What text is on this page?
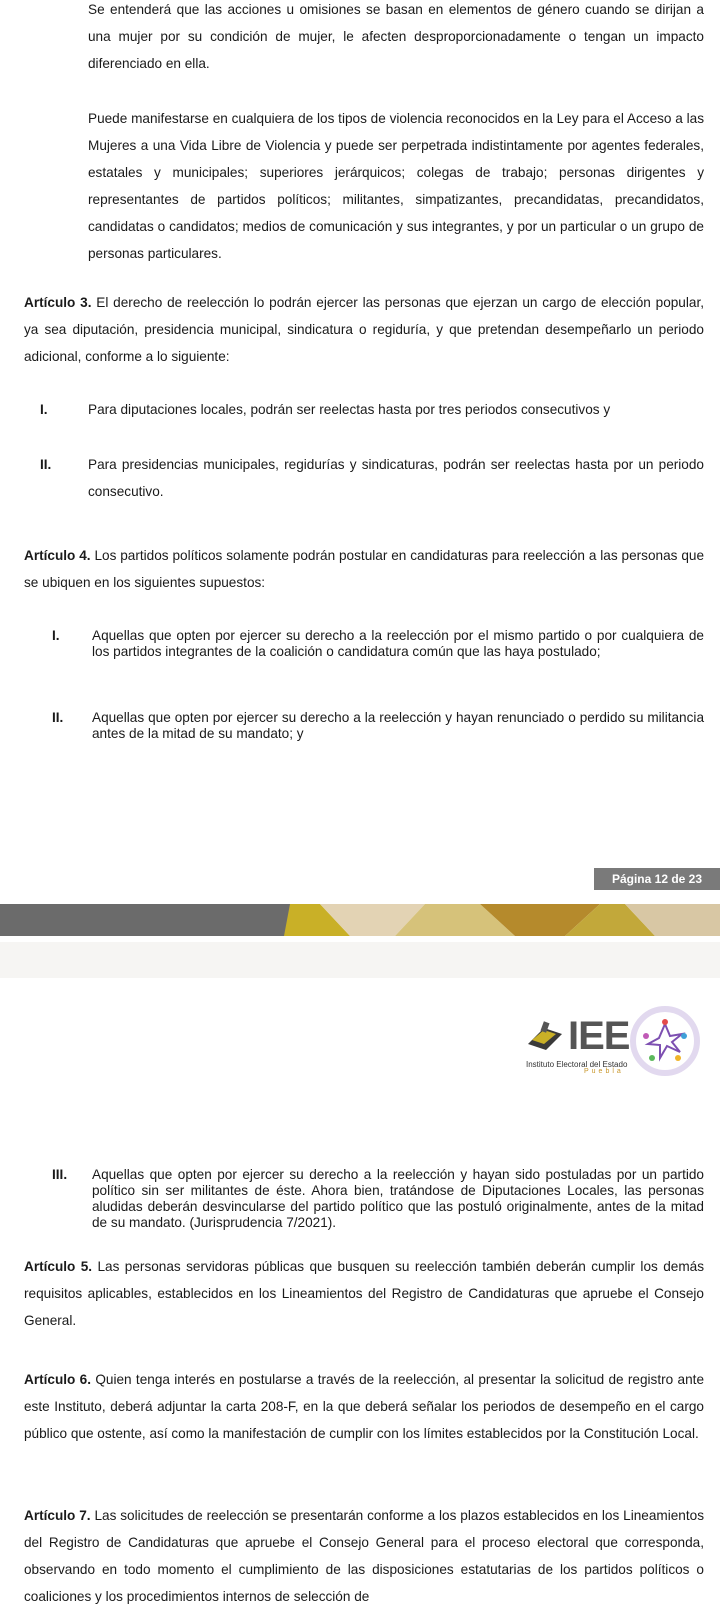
Se entenderá que las acciones u omisiones se basan en elementos de género cuando se dirijan a una mujer por su condición de mujer, le afecten desproporcionadamente o tengan un impacto diferenciado en ella.

Puede manifestarse en cualquiera de los tipos de violencia reconocidos en la Ley para el Acceso a las Mujeres a una Vida Libre de Violencia y puede ser perpetrada indistintamente por agentes federales, estatales y municipales; superiores jerárquicos; colegas de trabajo; personas dirigentes y representantes de partidos políticos; militantes, simpatizantes, precandidatas, precandidatos, candidatas o candidatos; medios de comunicación y sus integrantes, y por un particular o un grupo de personas particulares.

Artículo 3. El derecho de reelección lo podrán ejercer las personas que ejerzan un cargo de elección popular, ya sea diputación, presidencia municipal, sindicatura o regiduría, y que pretendan desempeñarlo un periodo adicional, conforme a lo siguiente:

I.	Para diputaciones locales, podrán ser reelectas hasta por tres periodos consecutivos y
II.	Para presidencias municipales, regidurías y sindicaturas, podrán ser reelectas hasta por un periodo consecutivo.

Artículo 4. Los partidos políticos solamente podrán postular en candidaturas para reelección a las personas que se ubiquen en los siguientes supuestos:

I.	Aquellas que opten por ejercer su derecho a la reelección por el mismo partido o por cualquiera de los partidos integrantes de la coalición o candidatura común que las haya postulado;
II.	Aquellas que opten por ejercer su derecho a la reelección y hayan renunciado o perdido su militancia antes de la mitad de su mandato; y
Página 12 de 23
IEE
Instituto Electoral del Estado
Puebla
III.	Aquellas que opten por ejercer su derecho a la reelección y hayan sido postuladas por un partido político sin ser militantes de éste. Ahora bien, tratándose de Diputaciones Locales, las personas aludidas deberán desvincularse del partido político que las postuló originalmente, antes de la mitad de su mandato. (Jurisprudencia 7/2021).

Artículo 5. Las personas servidoras públicas que busquen su reelección también deberán cumplir los demás requisitos aplicables, establecidos en los Lineamientos del Registro de Candidaturas que apruebe el Consejo General.

Artículo 6. Quien tenga interés en postularse a través de la reelección, al presentar la solicitud de registro ante este Instituto, deberá adjuntar la carta 208-F, en la que deberá señalar los periodos de desempeño en el cargo público que ostente, así como la manifestación de cumplir con los límites establecidos por la Constitución Local.

Artículo 7. Las solicitudes de reelección se presentarán conforme a los plazos establecidos en los Lineamientos del Registro de Candidaturas que apruebe el Consejo General para el proceso electoral que corresponda, observando en todo momento el cumplimiento de las disposiciones estatutarias de los partidos políticos o coaliciones y los procedimientos internos de selección de
